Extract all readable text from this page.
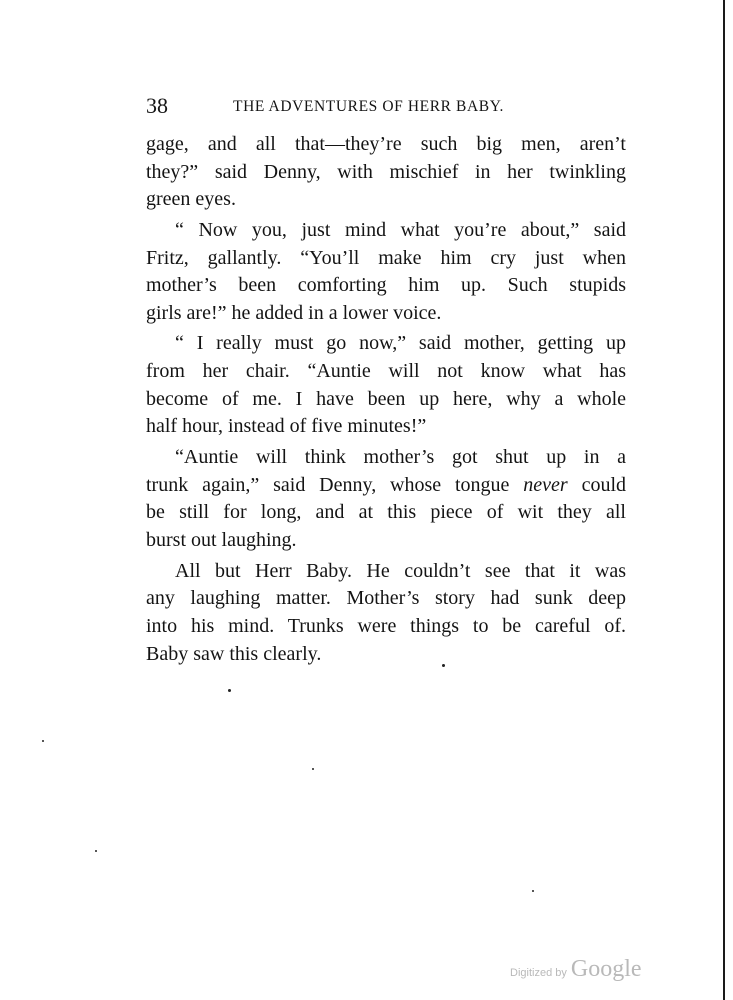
38	THE ADVENTURES OF HERR BABY.
gage, and all that—they’re such big men, aren’t
they?” said Denny, with mischief in her twinkling
green eyes.
“ Now you, just mind what you’re about,” said
Fritz, gallantly. “You’ll make him cry just when
mother’s been comforting him up. Such stupids
girls are!” he added in a lower voice.
“ I really must go now,” said mother, getting up
from her chair. “Auntie will not know what has
become of me. I have been up here, why a whole
half hour, instead of five minutes!”
“Auntie will think mother’s got shut up in a
trunk again,” said Denny, whose tongue never could
be still for long, and at this piece of wit they all
burst out laughing.
All but Herr Baby. He couldn’t see that it was
any laughing matter. Mother’s story had sunk deep
into his mind. Trunks were things to be careful of.
Baby saw this clearly.
Digitized by Google
